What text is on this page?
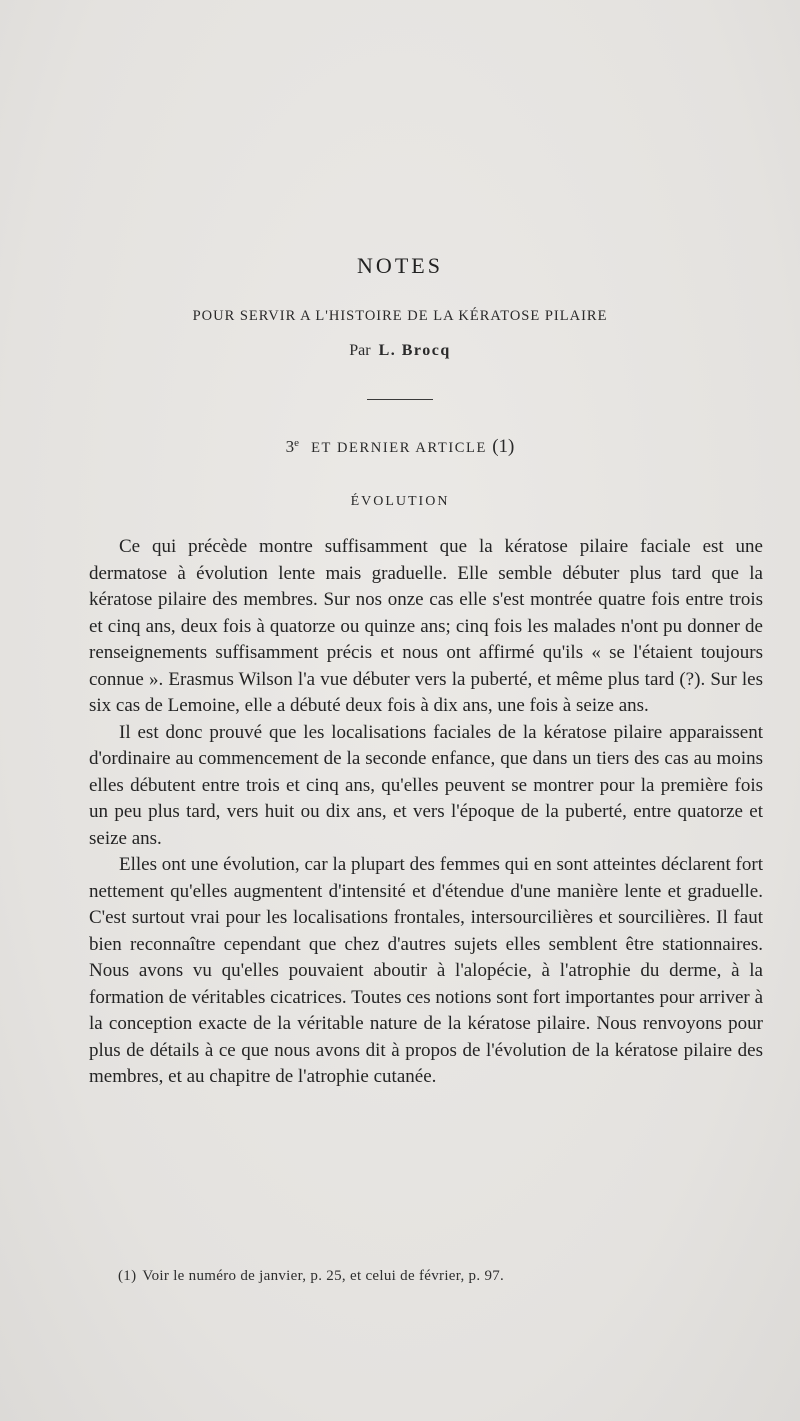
NOTES
POUR SERVIR A L'HISTOIRE DE LA KÉRATOSE PILAIRE
Par L. Brocq
3e ET DERNIER ARTICLE (1)
ÉVOLUTION

Ce qui précède montre suffisamment que la kératose pilaire faciale est une dermatose à évolution lente mais graduelle. Elle semble débuter plus tard que la kératose pilaire des membres. Sur nos onze cas elle s'est montrée quatre fois entre trois et cinq ans, deux fois à quatorze ou quinze ans; cinq fois les malades n'ont pu donner de renseignements suffisamment précis et nous ont affirmé qu'ils « se l'étaient toujours connue ». Erasmus Wilson l'a vue débuter vers la puberté, et même plus tard (?). Sur les six cas de Lemoine, elle a débuté deux fois à dix ans, une fois à seize ans.

Il est donc prouvé que les localisations faciales de la kératose pilaire apparaissent d'ordinaire au commencement de la seconde enfance, que dans un tiers des cas au moins elles débutent entre trois et cinq ans, qu'elles peuvent se montrer pour la première fois un peu plus tard, vers huit ou dix ans, et vers l'époque de la puberté, entre quatorze et seize ans.

Elles ont une évolution, car la plupart des femmes qui en sont atteintes déclarent fort nettement qu'elles augmentent d'intensité et d'étendue d'une manière lente et graduelle. C'est surtout vrai pour les localisations frontales, intersourcilières et sourcilières. Il faut bien reconnaître cependant que chez d'autres sujets elles semblent être stationnaires. Nous avons vu qu'elles pouvaient aboutir à l'alopécie, à l'atrophie du derme, à la formation de véritables cicatrices. Toutes ces notions sont fort importantes pour arriver à la conception exacte de la véritable nature de la kératose pilaire. Nous renvoyons pour plus de détails à ce que nous avons dit à propos de l'évolution de la kératose pilaire des membres, et au chapitre de l'atrophie cutanée.

(1) Voir le numéro de janvier, p. 25, et celui de février, p. 97.
